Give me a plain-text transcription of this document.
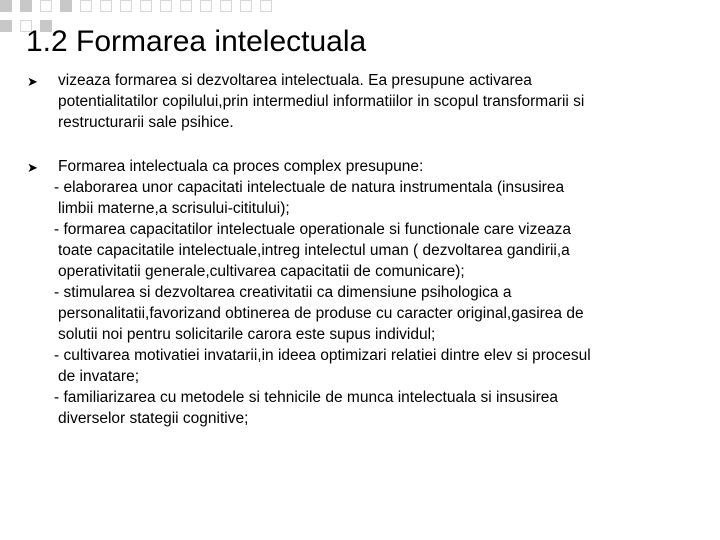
1.2 Formarea intelectuala
➤ vizeaza formarea si dezvoltarea intelectuala. Ea presupune activarea
potentialitatilor copilului,prin intermediul informatiilor in scopul transformarii si
restructurarii sale psihice.
➤ Formarea intelectuala ca proces complex presupune:
- elaborarea unor capacitati intelectuale de natura instrumentala (insusirea
limbii materne,a scrisului-cititului);
- formarea capacitatilor intelectuale operationale si functionale care vizeaza
toate capacitatile intelectuale,intreg intelectul uman ( dezvoltarea gandirii,a
operativitatii generale,cultivarea capacitatii de comunicare);
- stimularea si dezvoltarea creativitatii ca dimensiune psihologica a
personalitatii,favorizand obtinerea de produse cu caracter original,gasirea de
solutii noi pentru solicitarile carora este supus individul;
- cultivarea motivatiei invatarii,in ideea optimizari relatiei dintre elev si procesul
de invatare;
- familiarizarea cu metodele si tehnicile de munca intelectuala si insusirea
diverselor stategii cognitive;
